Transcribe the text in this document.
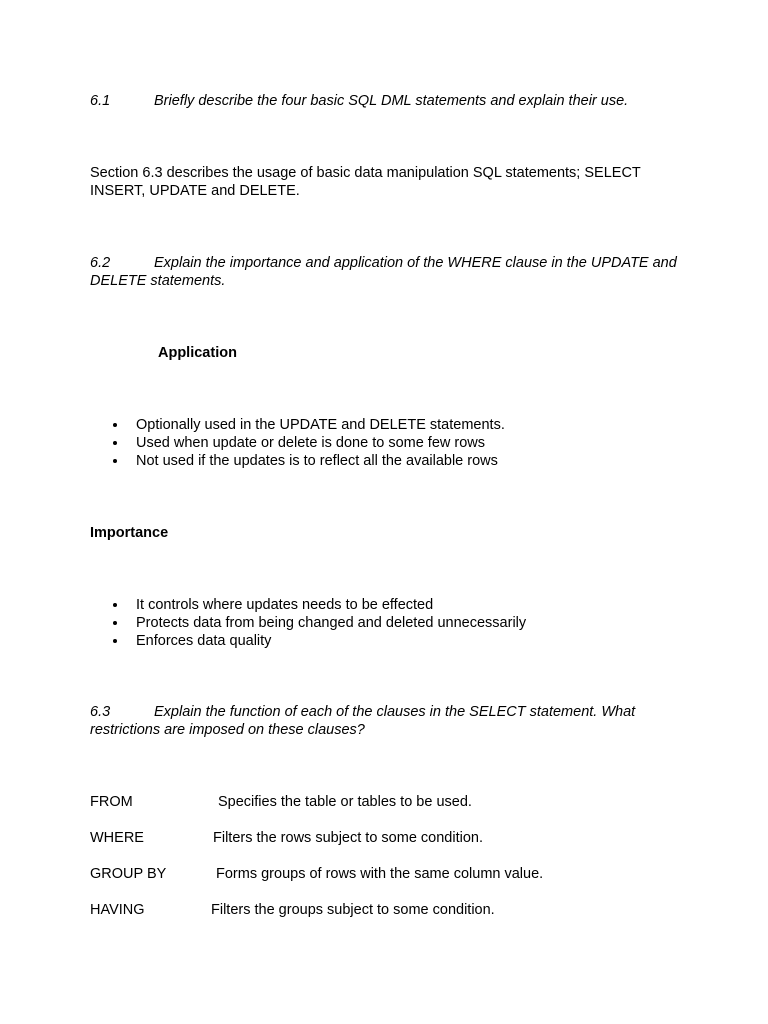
6.1	Briefly describe the four basic SQL DML statements and explain their use.
Section 6.3 describes the usage of basic data manipulation SQL statements; SELECT INSERT, UPDATE and DELETE.
6.2	Explain the importance and application of the WHERE clause in the UPDATE and DELETE statements.
Application
Optionally used in the UPDATE and DELETE statements.
Used when update or delete is done to some few rows
Not used if the updates is to reflect all the available rows
Importance
It controls where updates needs to be effected
Protects data from being changed and deleted unnecessarily
Enforces data quality
6.3	Explain the function of each of the clauses in the SELECT statement. What restrictions are imposed on these clauses?
FROM	Specifies the table or tables to be used.
WHERE	Filters the rows subject to some condition.
GROUP BY	Forms groups of rows with the same column value.
HAVING	Filters the groups subject to some condition.
